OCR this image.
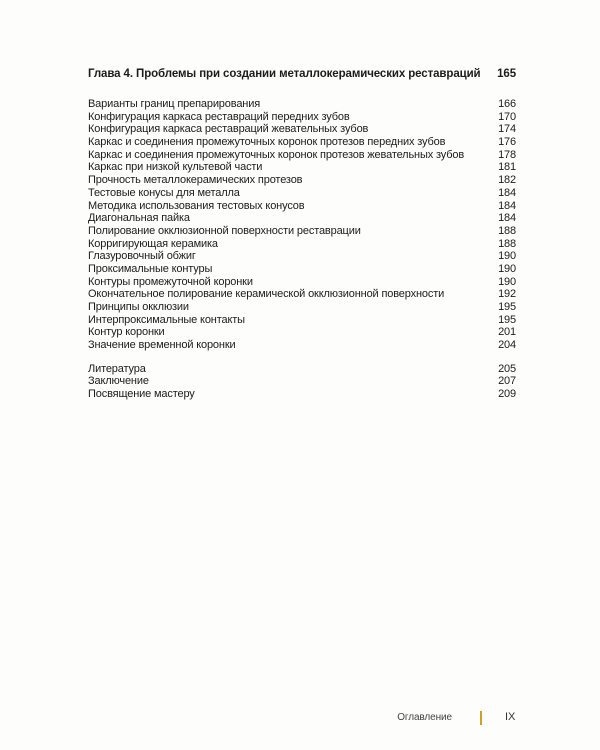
Глава 4. Проблемы при создании металлокерамических реставраций 165
Варианты границ препарирования	166
Конфигурация каркаса реставраций передних зубов	170
Конфигурация каркаса реставраций жевательных зубов	174
Каркас и соединения промежуточных коронок протезов передних зубов	176
Каркас и соединения промежуточных коронок протезов жевательных зубов	178
Каркас при низкой культевой части	181
Прочность металлокерамических протезов	182
Тестовые конусы для металла	184
Методика использования тестовых конусов	184
Диагональная пайка	184
Полирование окклюзионной поверхности реставрации	188
Корригирующая керамика	188
Глазуровочный обжиг	190
Проксимальные контуры	190
Контуры промежуточной коронки	190
Окончательное полирование керамической окклюзионной поверхности	192
Принципы окклюзии	195
Интерпроксимальные контакты	195
Контур коронки	201
Значение временной коронки	204
Литература	205
Заключение	207
Посвящение мастеру	209
Оглавление	IX
